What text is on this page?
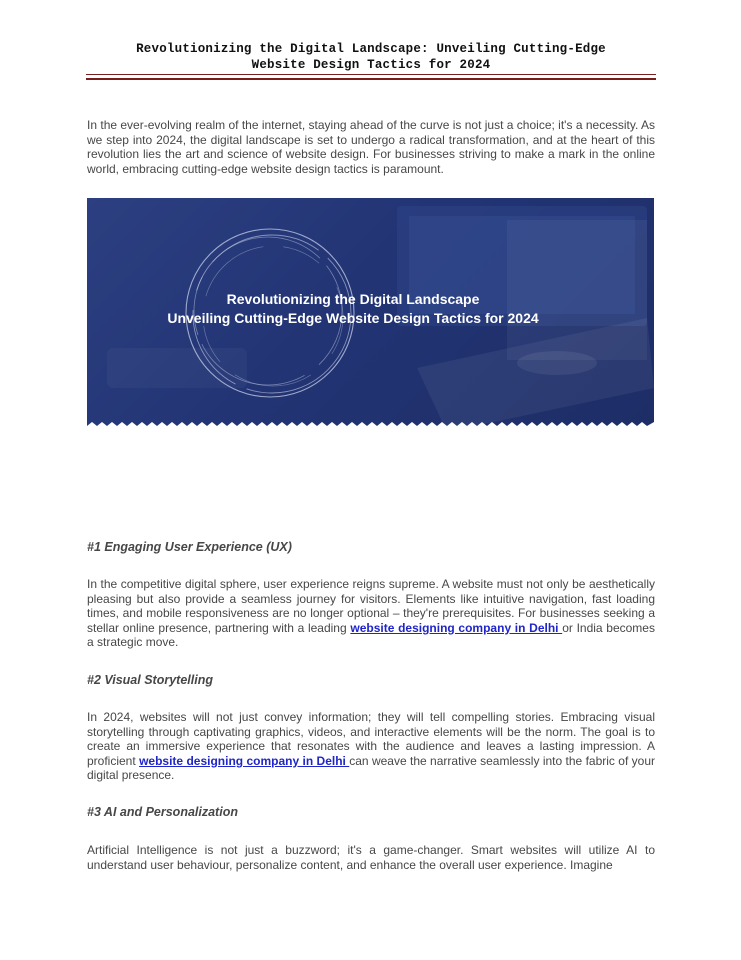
Revolutionizing the Digital Landscape: Unveiling Cutting-Edge
Website Design Tactics for 2024

In the ever-evolving realm of the internet, staying ahead of the curve is not just a choice; it's a necessity. As we step into 2024, the digital landscape is set to undergo a radical transformation, and at the heart of this revolution lies the art and science of website design. For businesses striving to make a mark in the online world, embracing cutting-edge website design tactics is paramount.

Revolutionizing the Digital Landscape
Unveiling Cutting-Edge Website Design Tactics for 2024
#1 Engaging User Experience (UX)

In the competitive digital sphere, user experience reigns supreme. A website must not only be aesthetically pleasing but also provide a seamless journey for visitors. Elements like intuitive navigation, fast loading times, and mobile responsiveness are no longer optional – they're prerequisites. For businesses seeking a stellar online presence, partnering with a leading website designing company in Delhi or India becomes a strategic move.

#2 Visual Storytelling

In 2024, websites will not just convey information; they will tell compelling stories. Embracing visual storytelling through captivating graphics, videos, and interactive elements will be the norm. The goal is to create an immersive experience that resonates with the audience and leaves a lasting impression. A proficient website designing company in Delhi can weave the narrative seamlessly into the fabric of your digital presence.

#3 AI and Personalization

Artificial Intelligence is not just a buzzword; it's a game-changer. Smart websites will utilize AI to understand user behaviour, personalize content, and enhance the overall user experience. Imagine
